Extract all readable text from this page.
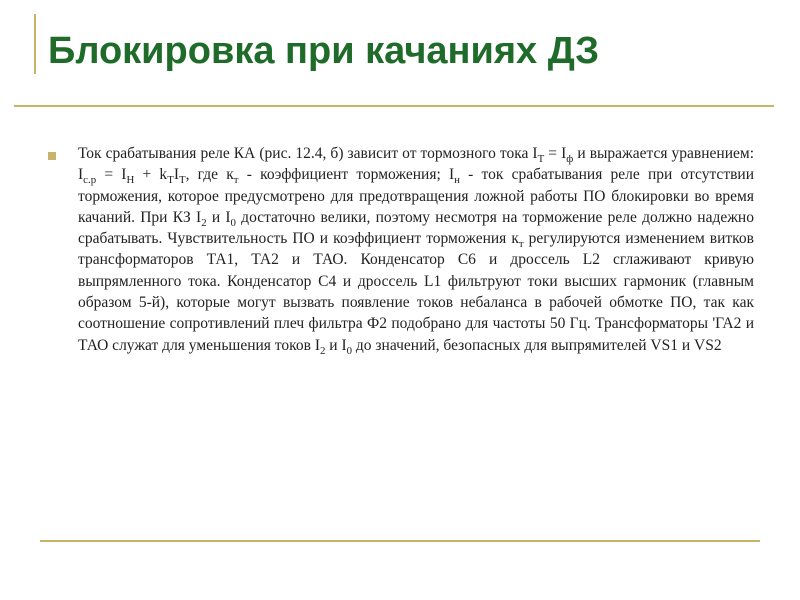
Блокировка при качаниях ДЗ

Ток срабатывания реле КА (рис. 12.4, б) зависит от тормозного тока $I_T = I_ф$ и выражается уравнением: $I_{с.р} = I_H + k_TI_T$, где $к_т$ - коэффициент торможения; $I_н$ - ток срабатывания реле при отсутствии торможения, которое предусмотрено для предотвращения ложной работы ПО блокировки во время качаний. При КЗ $I_2$ и $I_0$ достаточно велики, поэтому несмотря на торможение реле должно надежно срабатывать. Чувствительность ПО и коэффициент торможения $к_т$ регулируются изменением витков трансформаторов ТА1, ТА2 и ТАО. Конденсатор С6 и дроссель L2 сглаживают кривую выпрямленного тока. Конденсатор С4 и дроссель L1 фильтруют токи высших гармоник (главным образом 5-й), которые могут вызвать появление токов небаланса в рабочей обмотке ПО, так как соотношение сопротивлений плеч фильтра Ф2 подобрано для частоты 50 Гц. Трансформаторы 'ГА2 и ТАО служат для уменьшения токов $I_2$ и $I_0$ до значений, безопасных для выпрямителей VS1 и VS2
